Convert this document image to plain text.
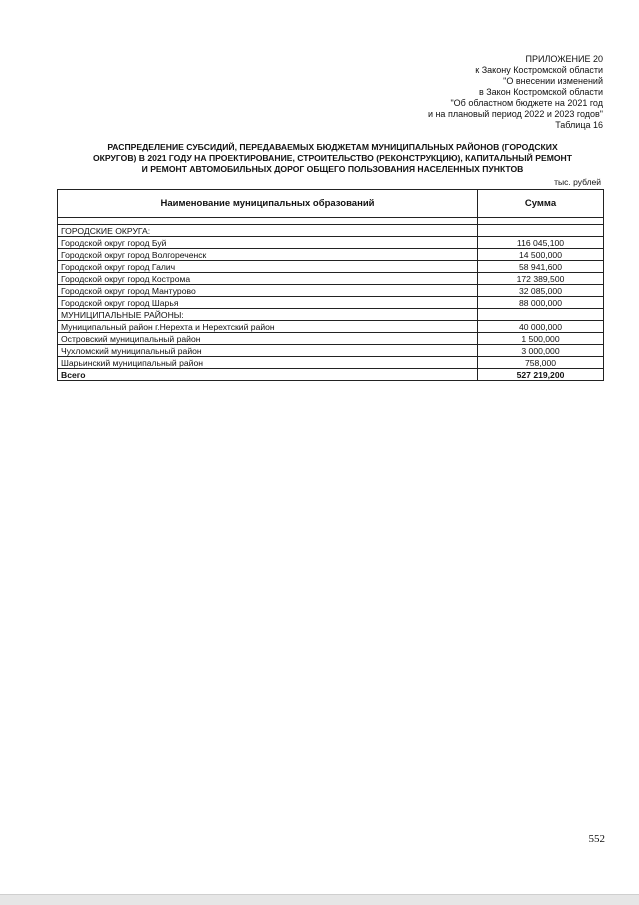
ПРИЛОЖЕНИЕ 20
к Закону Костромской области
"О внесении изменений
в Закон Костромской области
"Об областном бюджете на 2021 год
и на плановый период 2022 и 2023 годов"
Таблица 16
РАСПРЕДЕЛЕНИЕ СУБСИДИЙ, ПЕРЕДАВАЕМЫХ БЮДЖЕТАМ МУНИЦИПАЛЬНЫХ РАЙОНОВ (ГОРОДСКИХ
ОКРУГОВ) В 2021 ГОДУ НА ПРОЕКТИРОВАНИЕ, СТРОИТЕЛЬСТВО (РЕКОНСТРУКЦИЮ), КАПИТАЛЬНЫЙ РЕМОНТ
И РЕМОНТ АВТОМОБИЛЬНЫХ ДОРОГ ОБЩЕГО ПОЛЬЗОВАНИЯ НАСЕЛЕННЫХ ПУНКТОВ
тыс. рублей
Наименование муниципальных образований	Сумма

ГОРОДСКИЕ ОКРУГА:	
Городской округ город Буй	116 045,100
Городской округ город Волгореченск	14 500,000
Городской округ город Галич	58 941,600
Городской округ город Кострома	172 389,500
Городской округ город Мантурово	32 085,000
Городской округ город Шарья	88 000,000
МУНИЦИПАЛЬНЫЕ РАЙОНЫ:	
Муниципальный район г.Нерехта и Нерехтский район	40 000,000
Островский муниципальный район	1 500,000
Чухломский муниципальный район	3 000,000
Шарьинский муниципальный район	758,000
Всего	527 219,200
552
